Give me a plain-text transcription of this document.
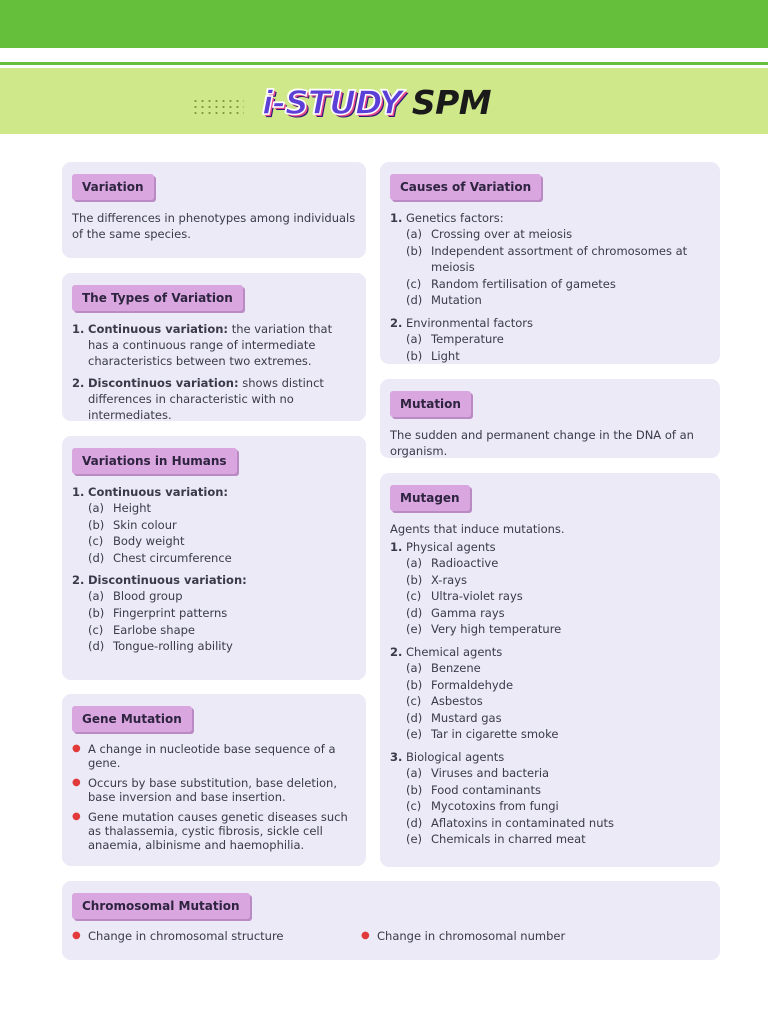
i-STUDY SPM
Variation
The differences in phenotypes among individuals of the same species.
The Types of Variation
1. Continuous variation: the variation that has a continuous range of intermediate characteristics between two extremes.
2. Discontinuos variation: shows distinct differences in characteristic with no intermediates.
Variations in Humans
1. Continuous variation:
(a) Height
(b) Skin colour
(c) Body weight
(d) Chest circumference
2. Discontinuous variation:
(a) Blood group
(b) Fingerprint patterns
(c) Earlobe shape
(d) Tongue-rolling ability
Gene Mutation
● A change in nucleotide base sequence of a gene.
● Occurs by base substitution, base deletion, base inversion and base insertion.
● Gene mutation causes genetic diseases such as thalassemia, cystic fibrosis, sickle cell anaemia, albinisme and haemophilia.
Causes of Variation
1. Genetics factors:
(a) Crossing over at meiosis
(b) Independent assortment of chromosomes at meiosis
(c) Random fertilisation of gametes
(d) Mutation
2. Environmental factors
(a) Temperature
(b) Light
Mutation
The sudden and permanent change in the DNA of an organism.
Mutagen
Agents that induce mutations.
1. Physical agents
(a) Radioactive
(b) X-rays
(c) Ultra-violet rays
(d) Gamma rays
(e) Very high temperature
2. Chemical agents
(a) Benzene
(b) Formaldehyde
(c) Asbestos
(d) Mustard gas
(e) Tar in cigarette smoke
3. Biological agents
(a) Viruses and bacteria
(b) Food contaminants
(c) Mycotoxins from fungi
(d) Aflatoxins in contaminated nuts
(e) Chemicals in charred meat
Chromosomal Mutation
● Change in chromosomal structure	● Change in chromosomal number
